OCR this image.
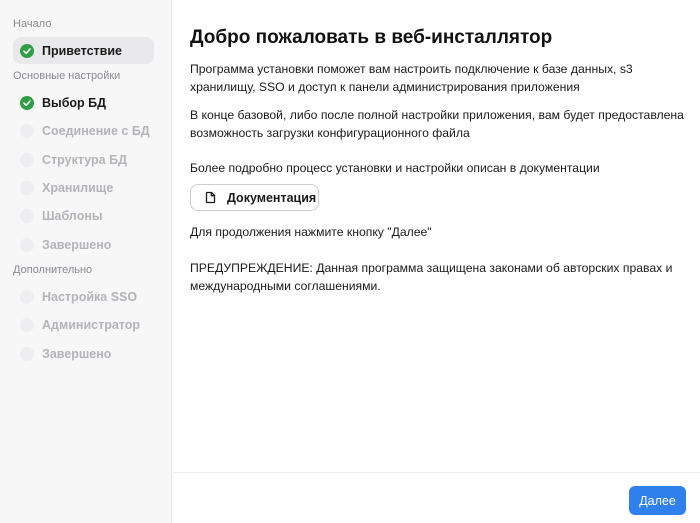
Начало
Приветствие
Основные настройки
Выбор БД
Соединение с БД
Структура БД
Хранилище
Шаблоны
Завершено
Дополнительно
Настройка SSO
Администратор
Завершено
Добро пожаловать в веб-инсталлятор

Программа установки поможет вам настроить подключение к базе данных, s3 хранилищу, SSO и доступ к панели администрирования приложения

В конце базовой, либо после полной настройки приложения, вам будет предоставлена возможность загрузки конфигурационного файла

Более подробно процесс установки и настройки описан в документации

Документация

Для продолжения нажмите кнопку "Далее"

ПРЕДУПРЕЖДЕНИЕ: Данная программа защищена законами об авторских правах и международными соглашениями.

Далее
